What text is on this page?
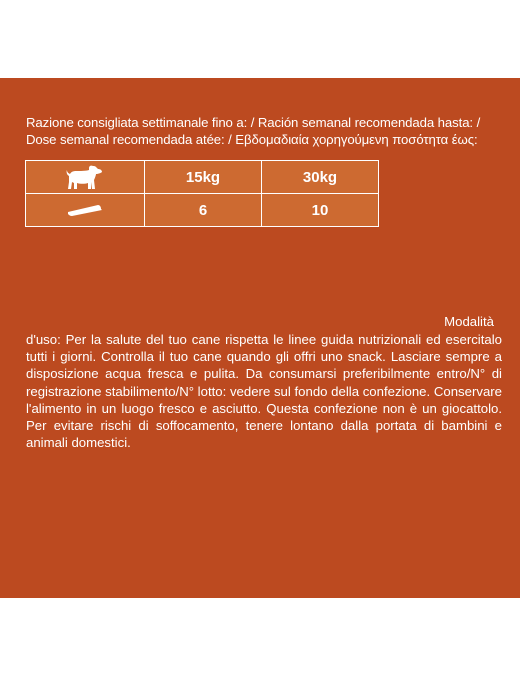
Razione consigliata settimanale fino a: / Ración semanal recomendada hasta: /
Dose semanal recomendada atée: / Εβδομαδιαία χορηγούμενη ποσότητα έως:
	15kg	30kg

	6	10
Modalità
d'uso: Per la salute del tuo cane rispetta le linee guida nutrizionali ed esercitalo tutti i giorni. Controlla il tuo cane quando gli offri uno snack. Lasciare sempre a disposizione acqua fresca e pulita. Da consumarsi preferibilmente entro/N° di registrazione stabilimento/N° lotto: vedere sul fondo della confezione. Conservare l'alimento in un luogo fresco e asciutto. Questa confezione non è un giocattolo. Per evitare rischi di soffocamento, tenere lontano dalla portata di bambini e animali domestici.
